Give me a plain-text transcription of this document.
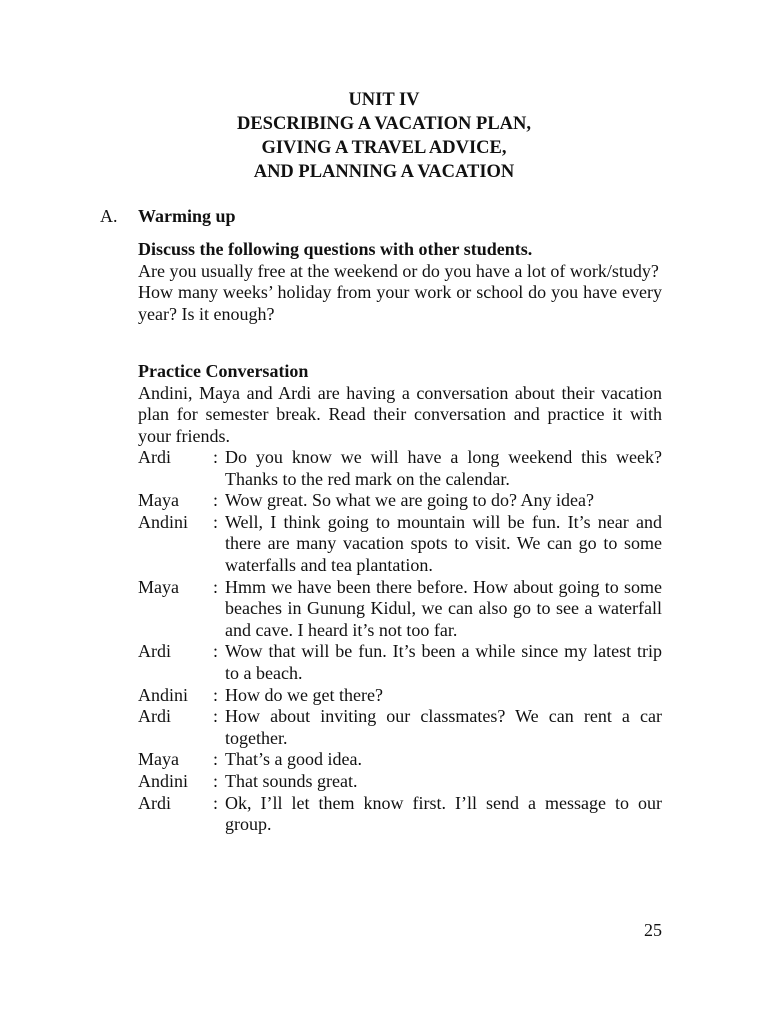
UNIT IV
DESCRIBING A VACATION PLAN,
GIVING A TRAVEL ADVICE,
AND PLANNING A VACATION
A. Warming up

Discuss the following questions with other students.

Are you usually free at the weekend or do you have a lot of work/study?

How many weeks’ holiday from your work or school do you have every year? Is it enough?

Practice Conversation

Andini, Maya and Ardi are having a conversation about their vacation plan for semester break. Read their conversation and practice it with your friends.

Ardi	: Do you know we will have a long weekend this week? Thanks to the red mark on the calendar.
Maya	: Wow great. So what we are going to do? Any idea?
Andini	: Well, I think going to mountain will be fun. It’s near and there are many vacation spots to visit. We can go to some waterfalls and tea plantation.
Maya	: Hmm we have been there before. How about going to some beaches in Gunung Kidul, we can also go to see a waterfall and cave. I heard it’s not too far.
Ardi	: Wow that will be fun. It’s been a while since my latest trip to a beach.
Andini	: How do we get there?
Ardi	: How about inviting our classmates? We can rent a car together.
Maya	: That’s a good idea.
Andini	: That sounds great.
Ardi	: Ok, I’ll let them know first. I’ll send a message to our group.
25
